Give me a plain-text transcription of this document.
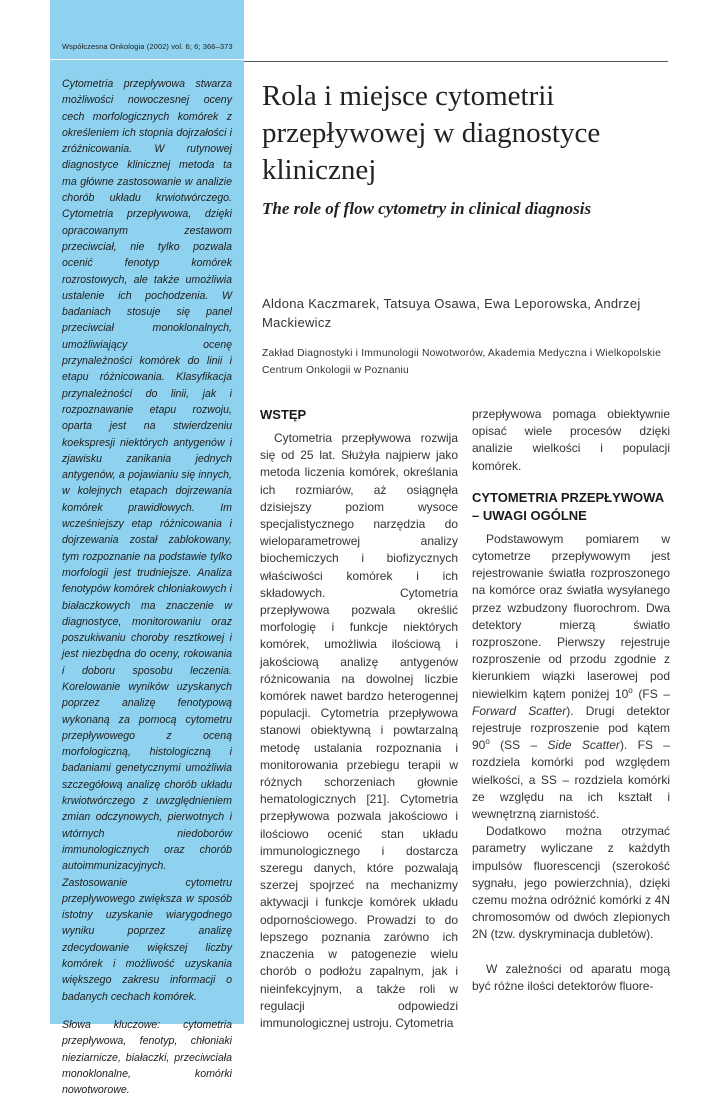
Współczesna Onkologia (2002) vol. 6; 6; 366–373

Cytometria przepływowa stwarza możliwości nowoczesnej oceny cech morfologicznych komórek z określeniem ich stopnia dojrzałości i zróżnicowania. W rutynowej diagnostyce klinicznej metoda ta ma główne zastosowanie w analizie chorób układu krwiotwórczego. Cytometria przepływowa, dzięki opracowanym zestawom przeciwciał, nie tylko pozwala ocenić fenotyp komórek rozrostowych, ale także umożliwia ustalenie ich pochodzenia. W badaniach stosuje się panel przeciwciał monoklonalnych, umożliwiający ocenę przynależności komórek do linii i etapu różnicowania. Klasyfikacja przynależności do linii, jak i rozpoznawanie etapu rozwoju, oparta jest na stwierdzeniu koekspresji niektórych antygenów i zjawisku zanikania jednych antygenów, a pojawianiu się innych, w kolejnych etapach dojrzewania komórek prawidłowych. Im wcześniejszy etap różnicowania i dojrzewania został zablokowany, tym rozpoznanie na podstawie tylko morfologii jest trudniejsze. Analiza fenotypów komórek chłoniakowych i białaczkowych ma znaczenie w diagnostyce, monitorowaniu oraz poszukiwaniu choroby resztkowej i jest niezbędna do oceny, rokowania i doboru sposobu leczenia. Korelowanie wyników uzyskanych poprzez analizę fenotypową wykonaną za pomocą cytometru przepływowego z oceną morfologiczną, histologiczną i badaniami genetycznymi umożliwia szczegółową analizę chorób układu krwiotwórczego z uwzględnieniem zmian odczynowych, pierwotnych i wtórnych niedoborów immunologicznych oraz chorób autoimmunizacyjnych. Zastosowanie cytometru przepływowego zwiększa w sposób istotny uzyskanie wiarygodnego wyniku poprzez analizę zdecydowanie większej liczby komórek i możliwość uzyskania większego zakresu informacji o badanych cechach komórek.

Słowa kluczowe: cytometria przepływowa, fenotyp, chłoniaki nieziarnicze, białaczki, przeciwciała monoklonalne, komórki nowotworowe.

Rola i miejsce cytometrii przepływowej w diagnostyce klinicznej
The role of flow cytometry in clinical diagnosis

Aldona Kaczmarek, Tatsuya Osawa, Ewa Leporowska, Andrzej Mackiewicz

Zakład Diagnostyki i Immunologii Nowotworów, Akademia Medyczna i Wielkopolskie Centrum Onkologii w Poznaniu

WSTĘP

Cytometria przepływowa rozwija się od 25 lat. Służyła najpierw jako metoda liczenia komórek, określania ich rozmiarów, aż osiągnęła dzisiejszy poziom wysoce specjalistycznego narzędzia do wieloparametrowej analizy biochemiczych i biofizycznych właściwości komórek i ich składowych. Cytometria przepływowa pozwala określić morfologię i funkcje niektórych komórek, umożliwia ilościową i jakościową analizę antygenów różnicowania na dowolnej liczbie komórek nawet bardzo heterogennej populacji. Cytometria przepływowa stanowi obiektywną i powtarzalną metodę ustalania rozpoznania i monitorowania przebiegu terapii w różnych schorzeniach głownie hematologicznych [21]. Cytometria przepływowa pozwala jakościowo i ilościowo ocenić stan układu immunologicznego i dostarcza szeregu danych, które pozwalają szerzej spojrzeć na mechanizmy aktywacji i funkcje komórek układu odpornościowego. Prowadzi to do lepszego poznania zarówno ich znaczenia w patogenezie wielu chorób o podłożu zapalnym, jak i nieinfekcyjnym, a także roli w regulacji odpowiedzi immunologicznej ustroju. Cytometria

przepływowa pomaga obiektywnie opisać wiele procesów dzięki analizie wielkości i populacji komórek.

CYTOMETRIA PRZEPŁYWOWA – UWAGI OGÓLNE

Podstawowym pomiarem w cytometrze przepływowym jest rejestrowanie światła rozproszonego na komórce oraz światła wysyłanego przez wzbudzony fluorochrom. Dwa detektory mierzą światło rozproszone. Pierwszy rejestruje rozproszenie od przodu zgodnie z kierunkiem wiązki laserowej pod niewielkim kątem poniżej 10$^o$ (FS – Forward Scatter). Drugi detektor rejestruje rozproszenie pod kątem 90$^o$ (SS – Side Scatter). FS – rozdziela komórki pod względem wielkości, a SS – rozdziela komórki ze względu na ich kształt i wewnętrzną ziarnistość.

Dodatkowo można otrzymać parametry wyliczane z każdyth impulsów fluorescencji (szerokość sygnału, jego powierzchnia), dzięki czemu można odróżnić komórki z 4N chromosomów od dwóch zlepionych 2N (tzw. dyskryminacja dubletów).

W zależności od aparatu mogą być różne ilości detektorów fluore-
